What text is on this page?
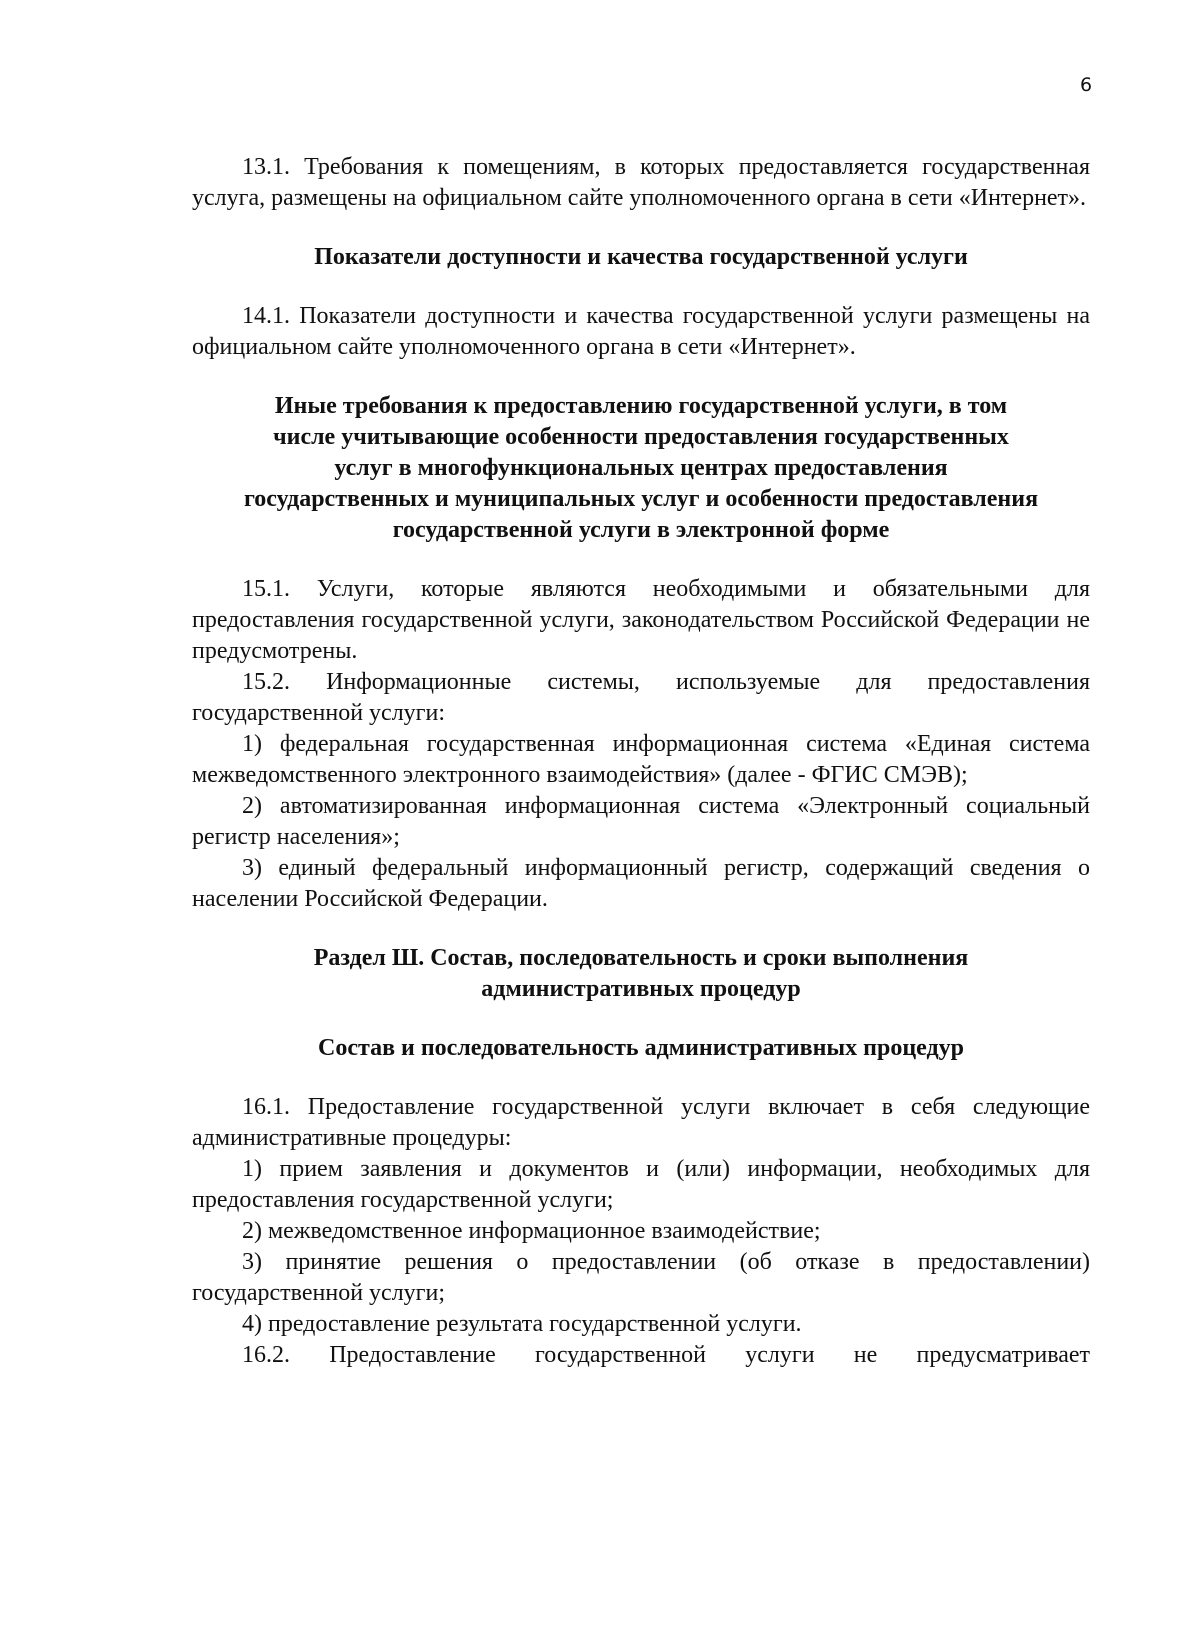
6

13.1. Требования к помещениям, в которых предоставляется государственная услуга, размещены на официальном сайте уполномоченного органа в сети «Интернет».

Показатели доступности и качества государственной услуги

14.1. Показатели доступности и качества государственной услуги размещены на официальном сайте уполномоченного органа в сети «Интернет».

Иные требования к предоставлению государственной услуги, в том
числе учитывающие особенности предоставления государственных
услуг в многофункциональных центрах предоставления
государственных и муниципальных услуг и особенности предоставления
государственной услуги в электронной форме

15.1. Услуги, которые являются необходимыми и обязательными для предоставления государственной услуги, законодательством Российской Федерации не предусмотрены.

15.2. Информационные системы, используемые для предоставления государственной услуги:

1) федеральная государственная информационная система «Единая система межведомственного электронного взаимодействия» (далее - ФГИС СМЭВ);

2) автоматизированная информационная система «Электронный социальный регистр населения»;

3) единый федеральный информационный регистр, содержащий сведения о населении Российской Федерации.

Раздел Ш. Состав, последовательность и сроки выполнения
административных процедур

Состав и последовательность административных процедур

16.1. Предоставление государственной услуги включает в себя следующие административные процедуры:

1) прием заявления и документов и (или) информации, необходимых для предоставления государственной услуги;

2) межведомственное информационное взаимодействие;

3) принятие решения о предоставлении (об отказе в предоставлении) государственной услуги;

4) предоставление результата государственной услуги.

16.2. Предоставление государственной услуги не предусматривает
